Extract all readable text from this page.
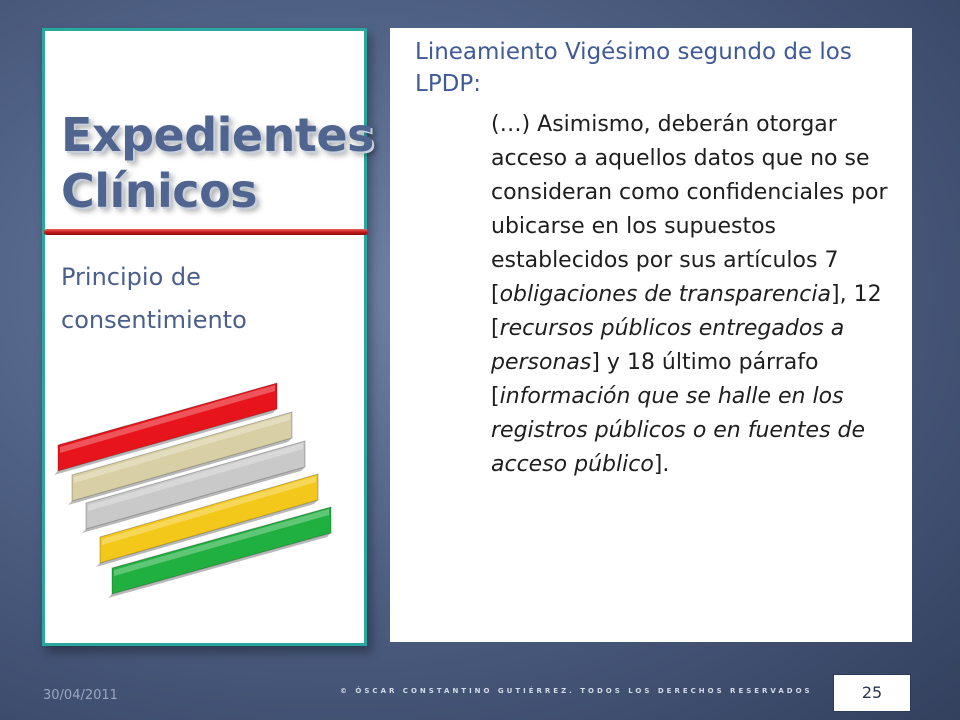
Expedientes
Clínicos
Principio de consentimiento
Lineamiento Vigésimo segundo de los LPDP:
(…) Asimismo, deberán otorgar acceso a aquellos datos que no se consideran como confidenciales por ubicarse en los supuestos establecidos por sus artículos 7 [obligaciones de transparencia], 12 [recursos públicos entregados a personas] y 18 último párrafo [información que se halle en los registros públicos o en fuentes de acceso público].
30/04/2011	© ÓSCAR CONSTANTINO GUTIÉRREZ. TODOS LOS DERECHOS RESERVADOS	25
